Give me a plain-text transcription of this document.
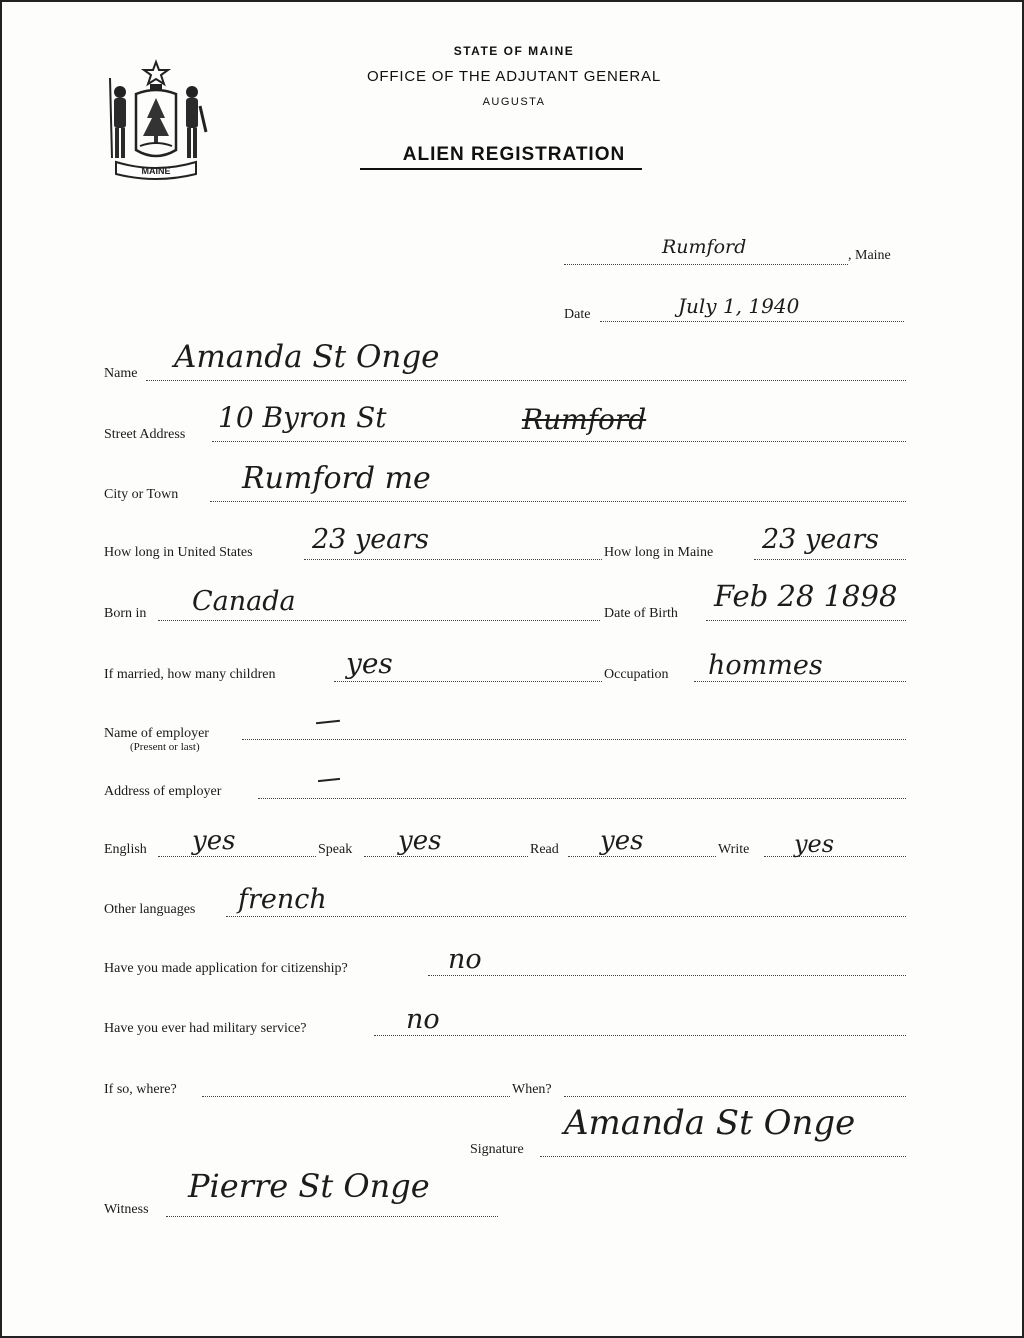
MAINE
STATE OF MAINE
OFFICE OF THE ADJUTANT GENERAL
AUGUSTA
ALIEN REGISTRATION
Rumford	, Maine
Date	July 1, 1940
Name Amanda St Onge
Street Address
10 Byron St	Rumford
City or Town Rumford me
How long in United States 23 years	How long in Maine 23 years
Born in Canada	Date of Birth
Feb 28 1898
If married, how many children	yes	Occupation hommes
Name of employer
(Present or last)
Address of employer
English yes	Speak yes	Read yes	Write yes
Other languages french
Have you made application for citizenship?	no
Have you ever had military service?	no
If so, where?	When?
Signature
Amanda St Onge
Witness
Pierre St Onge
